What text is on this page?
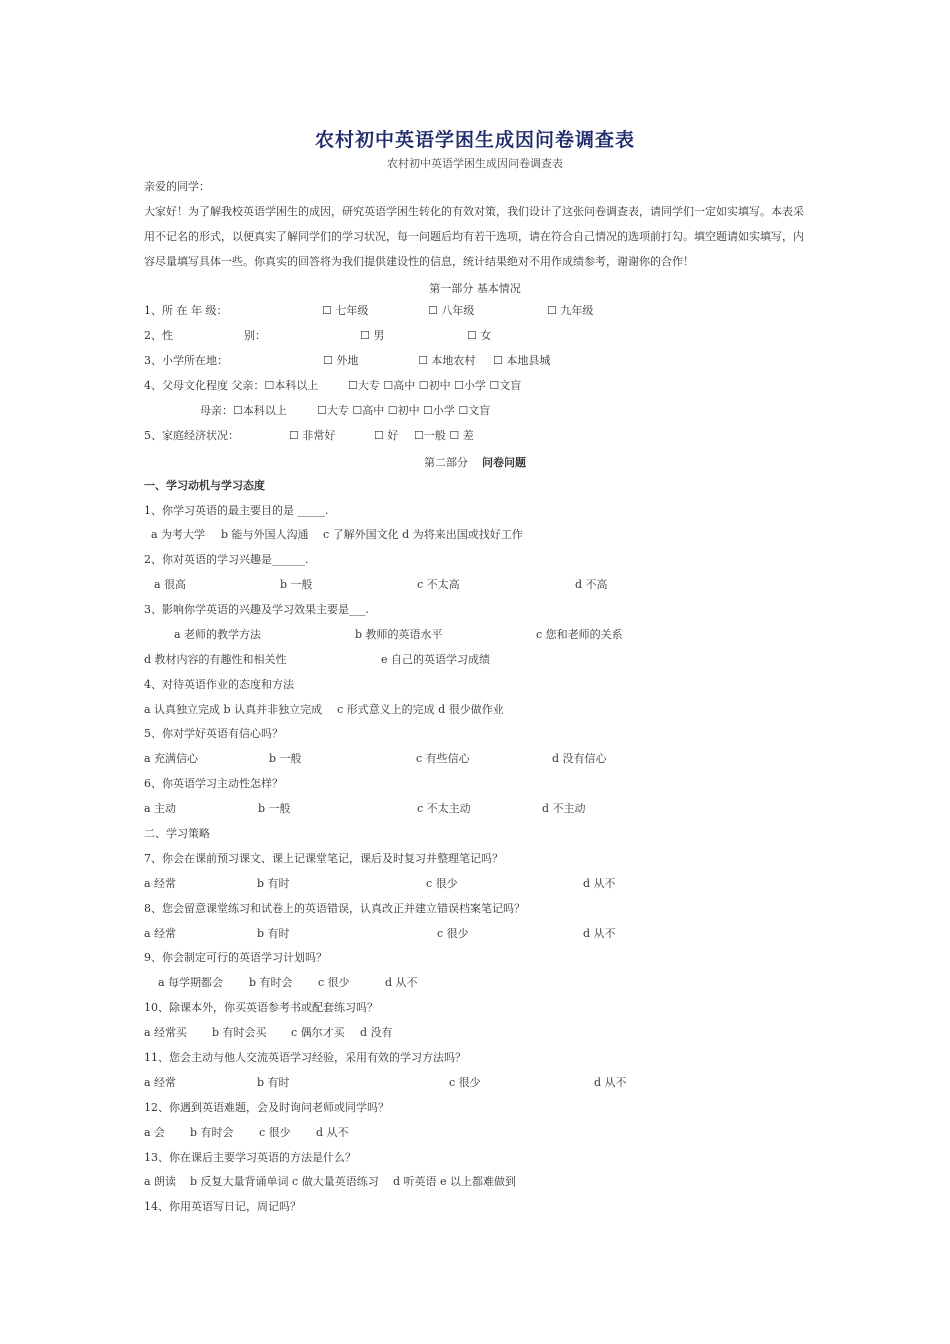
农村初中英语学困生成因问卷调查表
农村初中英语学困生成因问卷调查表
亲爱的同学：
大家好！为了解我校英语学困生的成因，研究英语学困生转化的有效对策，我们设计了这张问卷调查表，请同学们一定如实填写。本表采用不记名的形式，以便真实了解同学们的学习状况，每一问题后均有若干选项，请在符合自己情况的选项前打勾。填空题请如实填写，内容尽量填写具体一些。你真实的回答将为我们提供建设性的信息，统计结果绝对不用作成绩参考，谢谢你的合作！
第一部分 基本情况
1、所 在 年 级：	☐ 七年级	☐ 八年级	☐ 九年级
2、性	别：	☐ 男	☐ 女
3、小学所在地：	☐ 外地	☐ 本地农村 ☐ 本地县城
4、父母文化程度 父亲：☐本科以上	☐大专 ☐高中 ☐初中 ☐小学 ☐文盲
母亲：☐本科以上	☐大专 ☐高中 ☐初中 ☐小学 ☐文盲
5、家庭经济状况：	☐ 非常好	☐ 好 ☐一般 ☐ 差
第二部分 问卷问题
一、学习动机与学习态度
1、你学习英语的最主要目的是 _____.
a 为考大学 b 能与外国人沟通 c 了解外国文化 d 为将来出国或找好工作
2、你对英语的学习兴趣是______.
a 很高	b 一般	c 不太高	d 不高
3、影响你学英语的兴趣及学习效果主要是___.
a 老师的教学方法	b 教师的英语水平	c 您和老师的关系
d 教材内容的有趣性和相关性	e 自己的英语学习成绩
4、对待英语作业的态度和方法
a 认真独立完成 b 认真并非独立完成 c 形式意义上的完成 d 很少做作业
5、你对学好英语有信心吗？
a 充满信心	b 一般	c 有些信心	d 没有信心
6、你英语学习主动性怎样？
a 主动	b 一般	c 不太主动	d 不主动
二、学习策略
7、你会在课前预习课文、课上记课堂笔记，课后及时复习并整理笔记吗？
a 经常	b 有时	c 很少	d 从不
8、您会留意课堂练习和试卷上的英语错误，认真改正并建立错误档案笔记吗？
a 经常	b 有时	c 很少	d 从不
9、你会制定可行的英语学习计划吗？
a 每学期都会 b 有时会 c 很少	d 从不
10、除课本外，你买英语参考书或配套练习吗？
a 经常买 b 有时会买 c 偶尔才买 d 没有
11、您会主动与他人交流英语学习经验，采用有效的学习方法吗？
a 经常	b 有时	c 很少	d 从不
12、你遇到英语难题，会及时询问老师或同学吗？
a 会 b 有时会 c 很少 d 从不
13、你在课后主要学习英语的方法是什么？
a 朗读 b 反复大量背诵单词 c 做大量英语练习 d 听英语 e 以上都难做到
14、你用英语写日记，周记吗？
